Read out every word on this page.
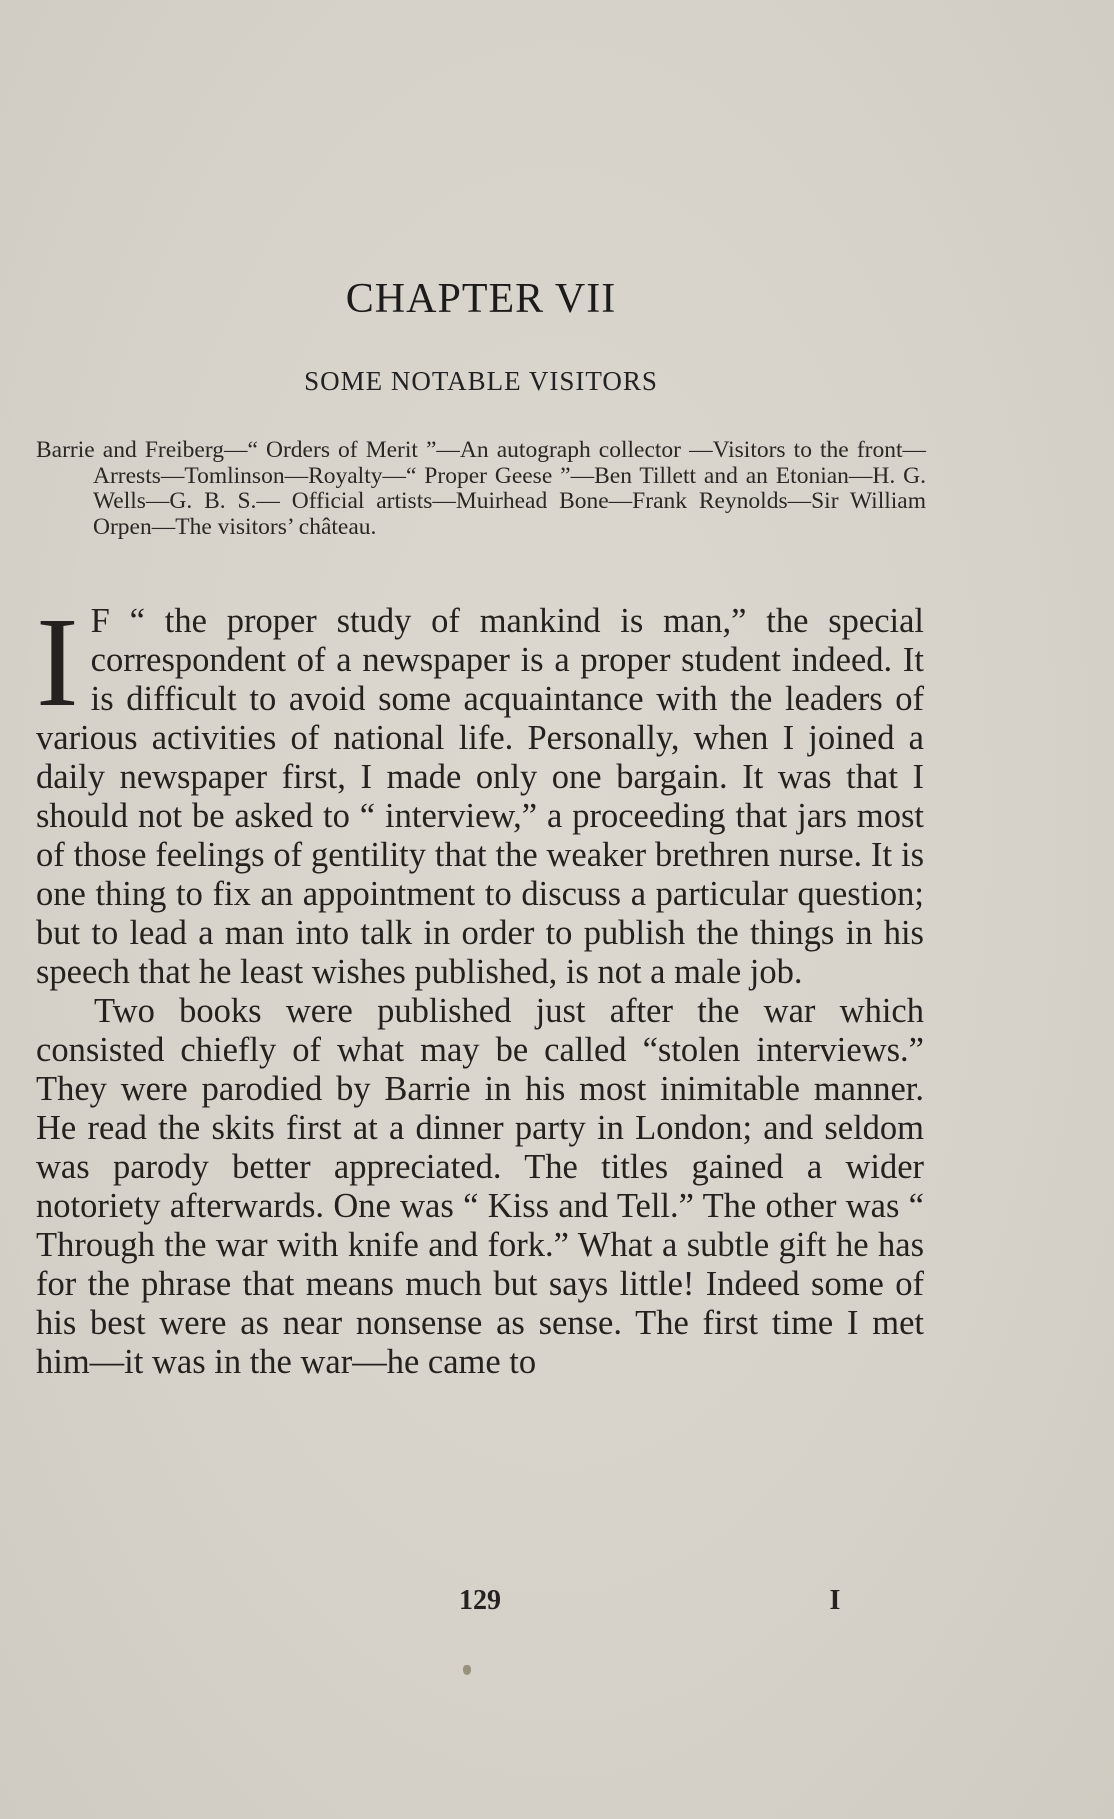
CHAPTER VII
SOME NOTABLE VISITORS
Barrie and Freiberg—“ Orders of Merit ”—An autograph collector —Visitors to the front—Arrests—Tomlinson—Royalty—“ Proper Geese ”—Ben Tillett and an Etonian—H. G. Wells—G. B. S.— Official artists—Muirhead Bone—Frank Reynolds—Sir William Orpen—The visitors’ château.

I F “ the proper study of mankind is man,” the special correspondent of a newspaper is a proper student indeed. It is difficult to avoid some acquaintance with the leaders of various activities of national life. Personally, when I joined a daily newspaper first, I made only one bargain. It was that I should not be asked to “ interview,” a proceeding that jars most of those feelings of gentility that the weaker brethren nurse. It is one thing to fix an appointment to discuss a particular question; but to lead a man into talk in order to publish the things in his speech that he least wishes published, is not a male job.

Two books were published just after the war which consisted chiefly of what may be called “stolen interviews.” They were parodied by Barrie in his most inimitable manner. He read the skits first at a dinner party in London; and seldom was parody better appreciated. The titles gained a wider notoriety afterwards. One was “ Kiss and Tell.” The other was “ Through the war with knife and fork.” What a subtle gift he has for the phrase that means much but says little! Indeed some of his best were as near nonsense as sense. The first time I met him—it was in the war—he came to

129	I
